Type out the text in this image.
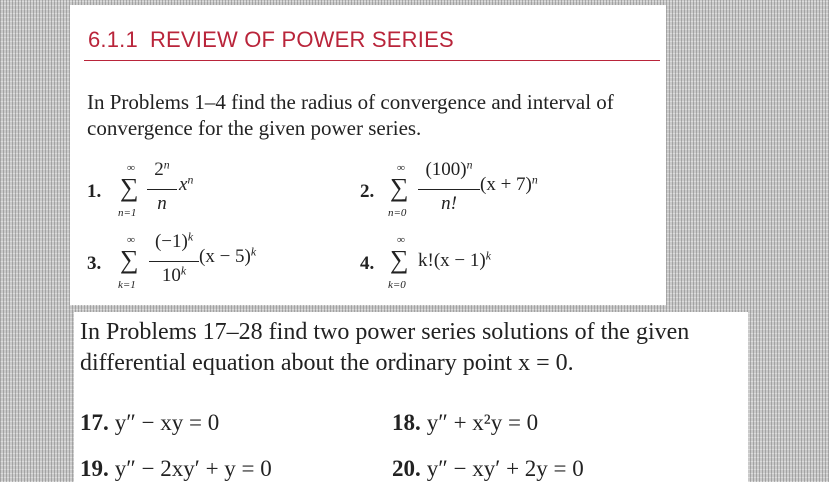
6.1.1 REVIEW OF POWER SERIES
In Problems 1–4 find the radius of convergence and interval of convergence for the given power series.
1.
∞
∑
n=1
2$^n$
n
$x^n$
2.
∞
∑
n=0
$(100)^n$
n!
$(x + 7)^n$
3.
∞
∑
k=1
$(-1)^k$
10$^k$
$(x - 5)^k$
4.
∞
∑
k=0
$k!(x - 1)^k$
In Problems 17–28 find two power series solutions of the given differential equation about the ordinary point x = 0.
17. y″ − xy = 0	18. y″ + x²y = 0
19. y″ − 2xy′ + y = 0	20. y″ − xy′ + 2y = 0
